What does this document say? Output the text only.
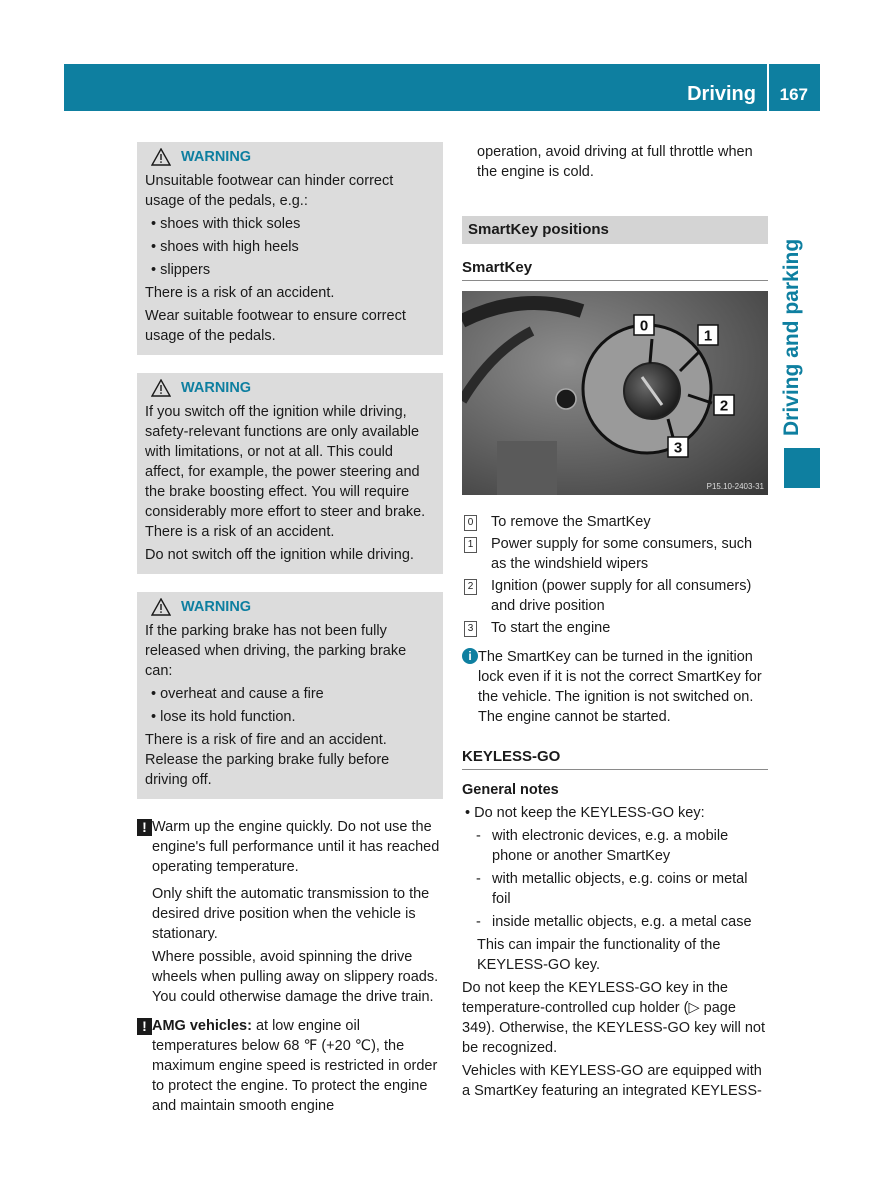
Driving 167
Driving and parking
WARNING

Unsuitable footwear can hinder correct usage of the pedals, e.g.:

• shoes with thick soles

• shoes with high heels

• slippers

There is a risk of an accident.

Wear suitable footwear to ensure correct usage of the pedals.

WARNING

If you switch off the ignition while driving, safety-relevant functions are only available with limitations, or not at all. This could affect, for example, the power steering and the brake boosting effect. You will require considerably more effort to steer and brake. There is a risk of an accident.

Do not switch off the ignition while driving.

WARNING

If the parking brake has not been fully released when driving, the parking brake can:

• overheat and cause a fire

• lose its hold function.

There is a risk of fire and an accident. Release the parking brake fully before driving off.

! Warm up the engine quickly. Do not use the engine's full performance until it has reached operating temperature.

Only shift the automatic transmission to the desired drive position when the vehicle is stationary.

Where possible, avoid spinning the drive wheels when pulling away on slippery roads. You could otherwise damage the drive train.

! AMG vehicles: at low engine oil temperatures below 68 ℉ (+20 ℃), the maximum engine speed is restricted in order to protect the engine. To protect the engine and maintain smooth engine

operation, avoid driving at full throttle when the engine is cold.

SmartKey positions
SmartKey
0
1
2
3
P15.10-2403-31
0 To remove the SmartKey
1 Power supply for some consumers, such as the windshield wipers
2 Ignition (power supply for all consumers) and drive position
3 To start the engine
i The SmartKey can be turned in the ignition lock even if it is not the correct SmartKey for the vehicle. The ignition is not switched on. The engine cannot be started.
KEYLESS-GO

General notes

• Do not keep the KEYLESS-GO key:

- with electronic devices, e.g. a mobile phone or another SmartKey
- with metallic objects, e.g. coins or metal foil
- inside metallic objects, e.g. a metal case

This can impair the functionality of the KEYLESS-GO key.

Do not keep the KEYLESS-GO key in the temperature-controlled cup holder (▷ page 349). Otherwise, the KEYLESS-GO key will not be recognized.

Vehicles with KEYLESS-GO are equipped with a SmartKey featuring an integrated KEYLESS-
